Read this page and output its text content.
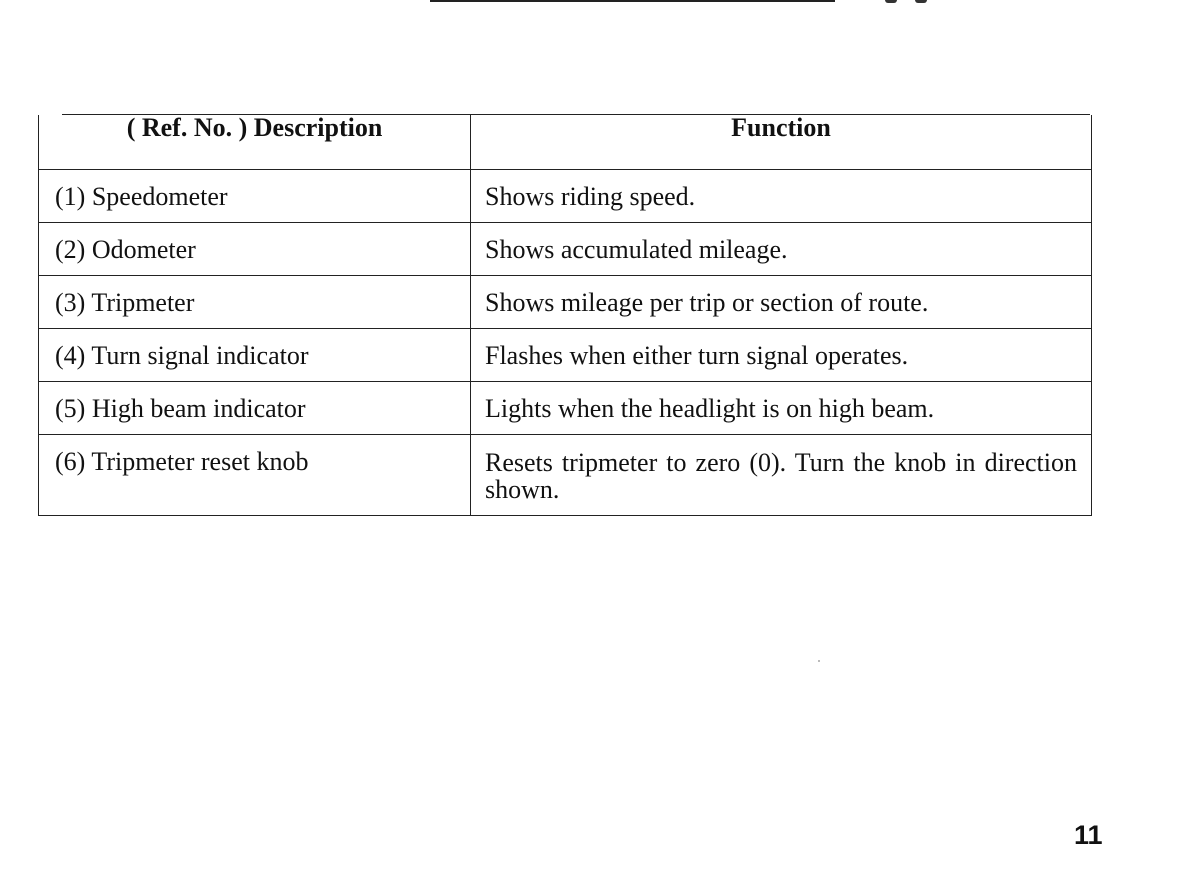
( Ref. No. ) Description	Function
(1) Speedometer	Shows riding speed.
(2) Odometer	Shows accumulated mileage.
(3) Tripmeter	Shows mileage per trip or section of route.
(4) Turn signal indicator	Flashes when either turn signal operates.
(5) High beam indicator	Lights when the headlight is on high beam.
(6) Tripmeter reset knob	Resets tripmeter to zero (0). Turn the knob in direction shown.
11
